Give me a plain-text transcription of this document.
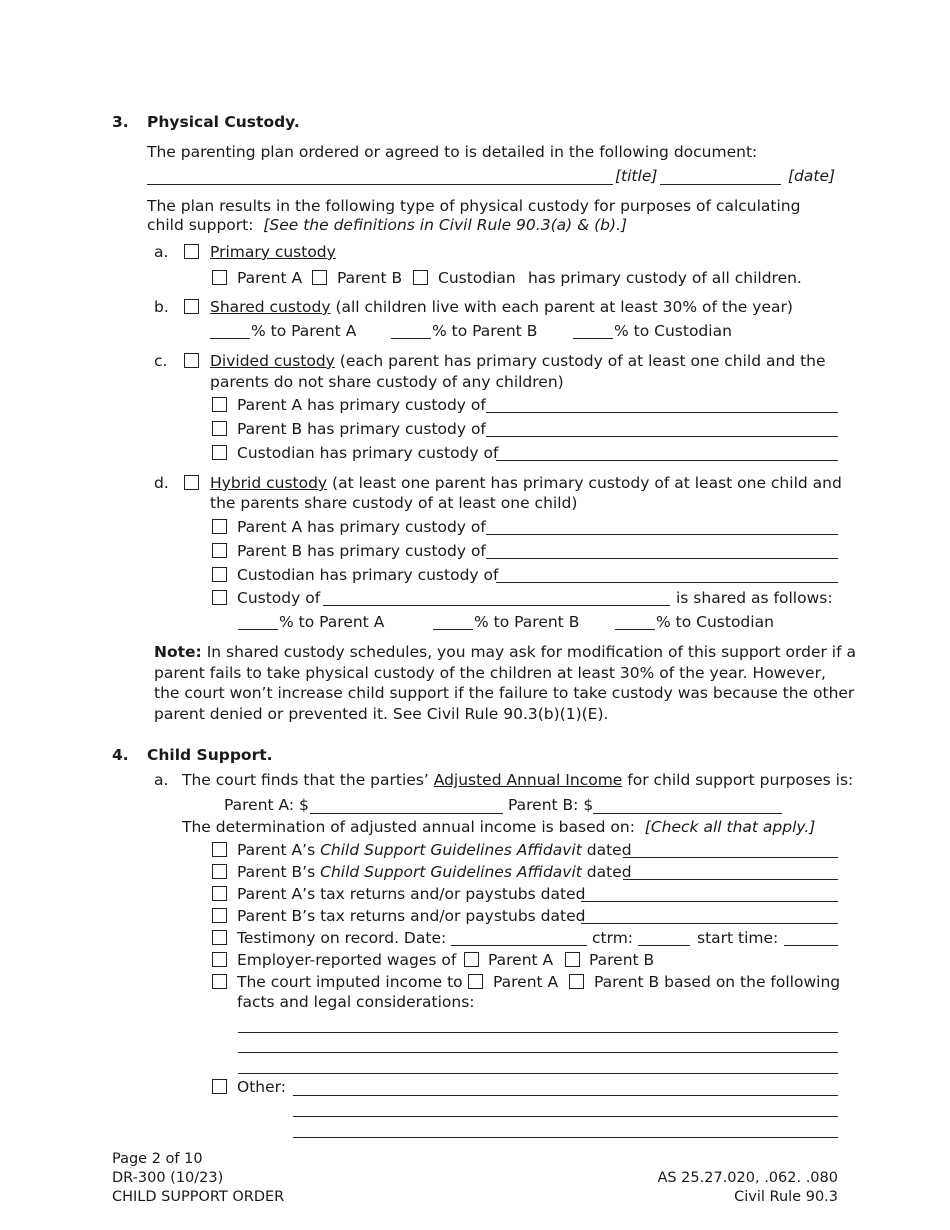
3. Physical Custody.
The parenting plan ordered or agreed to is detailed in the following document:
[title]	[date]
The plan results in the following type of physical custody for purposes of calculating
child support: [See the definitions in Civil Rule 90.3(a) & (b).]
a.	Primary custody
Parent A Parent B Custodian has primary custody of all children.
b.	Shared custody (all children live with each parent at least 30% of the year)
% to Parent A	% to Parent B	% to Custodian
c.	Divided custody (each parent has primary custody of at least one child and the
parents do not share custody of any children)
Parent A has primary custody of
Parent B has primary custody of
Custodian has primary custody of
d.	Hybrid custody (at least one parent has primary custody of at least one child and
the parents share custody of at least one child)
Parent A has primary custody of
Parent B has primary custody of
Custodian has primary custody of
Custody of	is shared as follows:
% to Parent A	% to Parent B	% to Custodian
Note: In shared custody schedules, you may ask for modification of this support order if a
parent fails to take physical custody of the children at least 30% of the year. However,
the court won’t increase child support if the failure to take custody was because the other
parent denied or prevented it. See Civil Rule 90.3(b)(1)(E).
4. Child Support.
a. The court finds that the parties’ Adjusted Annual Income for child support purposes is:
Parent A: $	Parent B: $
The determination of adjusted annual income is based on: [Check all that apply.]
Parent A’s Child Support Guidelines Affidavit dated
Parent B’s Child Support Guidelines Affidavit dated
Parent A’s tax returns and/or paystubs dated
Parent B’s tax returns and/or paystubs dated
Testimony on record. Date:	ctrm:	start time:
Employer-reported wages of Parent A Parent B
The court imputed income to Parent A Parent B based on the following
facts and legal considerations:
Other:
Page 2 of 10
DR-300 (10/23)
CHILD SUPPORT ORDER
AS 25.27.020, .062. .080
Civil Rule 90.3
